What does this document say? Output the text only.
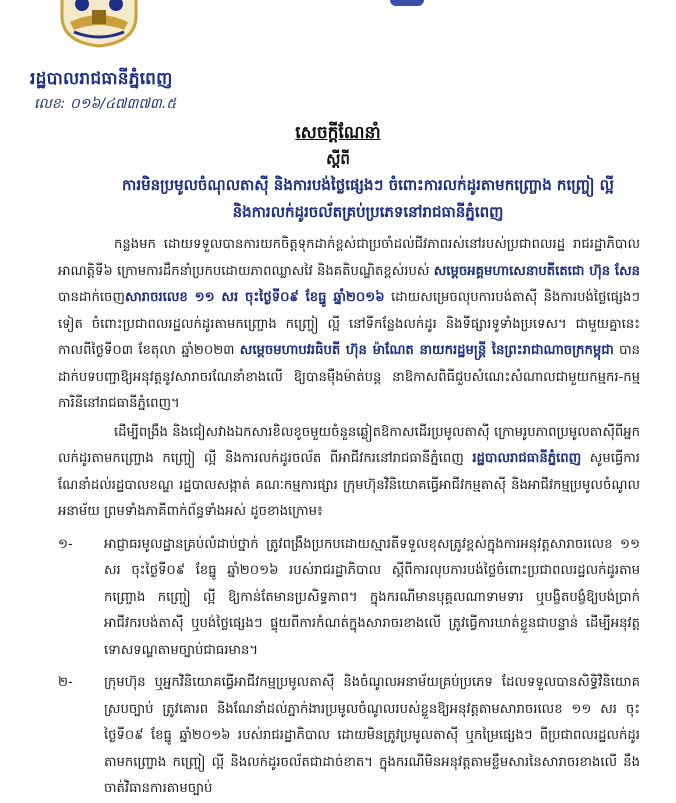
រដ្ឋបាលរាជធានីភ្នំពេញ
លេខ: ០១៦/៤៧៣៧៣.៥
សេចក្តីណែនាំ
ស្តីពី
ការមិនប្រមូលចំណុលតាស៊ី និងការបង់ថ្លៃផ្សេងៗ ចំពោះការលក់ដូរតាមកញ្ច្រោង កញ្ច្រៀ ល្អី
និងការលក់ដូរចល័តគ្រប់ប្រភេទនៅរាជធានីភ្នំពេញ

កន្លងមក ដោយទទួលបានការយកចិត្តទុកដាក់ខ្ពស់ជាប្រចាំដល់ជីវភាពរស់នៅរបស់ប្រជាពលរដ្ឋ រាជរដ្ឋាភិបាល អាណត្តិទី៦ ក្រោមការដឹកនាំប្រកបដោយភាពឈ្លាសវៃ និងគតិបណ្ឌិតខ្ពស់របស់ សម្ដេចអគ្គមហាសេនាបតីតេជោ ហ៊ុន សែន បានដាក់ចេញសារាចរលេខ ១១ សរ ចុះថ្ងៃទី០៩ ខែធ្នូ ឆ្នាំ២០១៦ ដោយសម្រេចលុបការបង់តាស៊ី និងការបង់ថ្លៃផ្សេងៗទៀត ចំពោះប្រជាពលរដ្ឋលក់ដូរតាមកញ្ច្រោង កញ្ច្រៀ ល្អី នៅទីកន្លែងលក់ដូរ និងទីផ្សារទូទាំងប្រទេស។ ជាមួយគ្នានេះ កាលពីថ្ងៃទី០៣ ខែតុលា ឆ្នាំ២០២៣ សម្តេចមហាបវរធិបតី ហ៊ុន ម៉ាណែត នាយករដ្ឋមន្ត្រី នៃព្រះរាជាណាចក្រកម្ពុជា បានដាក់បទបញ្ជាឱ្យអនុវត្តនូវសារាចរណែនាំខាងលើ ឱ្យបានម៉ឺងម៉ាត់បន្ត នាឱកាសពិធីជួបសំណេះសំណាលជាមួយកម្មករ-កម្មការិនីនៅរាជធានីភ្នំពេញ។

ដើម្បីពង្រឹង និងជៀសវាងឯកសារខិលខូចមួយចំនួនឆ្លៀតឱកាសដើរប្រមូលតាស៊ី ក្រោមរូបភាពប្រមូលតាស៊ីពីអ្នកលក់ដូរតាមកញ្ច្រោង កញ្ច្រៀ ល្អី និងការលក់ដូរចល័ត ពីអាជីវករនៅរាជធានីភ្នំពេញ រដ្ឋបាលរាជធានីភ្នំពេញ សូមធ្វើការណែនាំដល់រដ្ឋបាលខណ្ឌ រដ្ឋបាលសង្កាត់ គណៈកម្មការផ្សារ ក្រុមហ៊ុនវិនិយោគធ្វើអាជីវកម្មតាស៊ី និងអាជីវកម្មប្រមូលចំណូលអនាម័យ ព្រមទាំងភាគីពាក់ព័ន្ធទាំងអស់ ដូចខាងក្រោម៖

១-	អាជ្ញាធរមូលដ្ឋានគ្រប់លំដាប់ថ្នាក់ ត្រូវពង្រឹងប្រកបដោយស្មារតីទទួលខុសត្រូវខ្ពស់ក្នុងការអនុវត្តសារាចរលេខ ១១ សរ ចុះថ្ងៃទី០៩ ខែធ្នូ ឆ្នាំ២០១៦ របស់រាជរដ្ឋាភិបាល ស្តីពីការលុបការបង់ថ្លៃចំពោះប្រជាពលរដ្ឋលក់ដូរតាមកញ្ច្រោង កញ្ច្រៀ ល្អី ឱ្យកាន់តែមានប្រសិទ្ធភាព។ ក្នុងករណីមានបុគ្គលណាទាមទារ ឬបង្ខិតបង្ខំឱ្យបង់ប្រាក់អាជីវករបង់តាស៊ី ឬបង់ថ្លៃផ្សេងៗ ផ្ទុយពីការកំណត់ក្នុងសារាចរខាងលើ ត្រូវធ្វើការឃាត់ខ្លួនជាបន្ទាន់ ដើម្បីអនុវត្តទោសទណ្ឌតាមច្បាប់ជាធរមាន។
២-	ក្រុមហ៊ុន ឬអ្នកវិនិយោគធ្វើអាជីវកម្មប្រមូលតាស៊ី និងចំណូលអនាម័យគ្រប់ប្រភេទ ដែលទទួលបានសិទ្ធិវិនិយោគស្របច្បាប់ ត្រូវគោរព និងណែនាំដល់ភ្នាក់ងារប្រមូលចំណូលរបស់ខ្លួនឱ្យអនុវត្តតាមសារាចរលេខ ១១ សរ ចុះថ្ងៃទី០៩ ខែធ្នូ ឆ្នាំ២០១៦ របស់រាជរដ្ឋាភិបាល ដោយមិនត្រូវប្រមូលតាស៊ី ឬកម្រៃផ្សេងៗ ពីប្រជាពលរដ្ឋលក់ដូរតាមកញ្ច្រោង កញ្ច្រៀ ល្អី និងលក់ដូរចល័តជាដាច់ខាត។ ក្នុងករណីមិនអនុវត្តតាមខ្លឹមសារនៃសារាចរខាងលើ នឹងចាត់វិធានការតាមច្បាប់
